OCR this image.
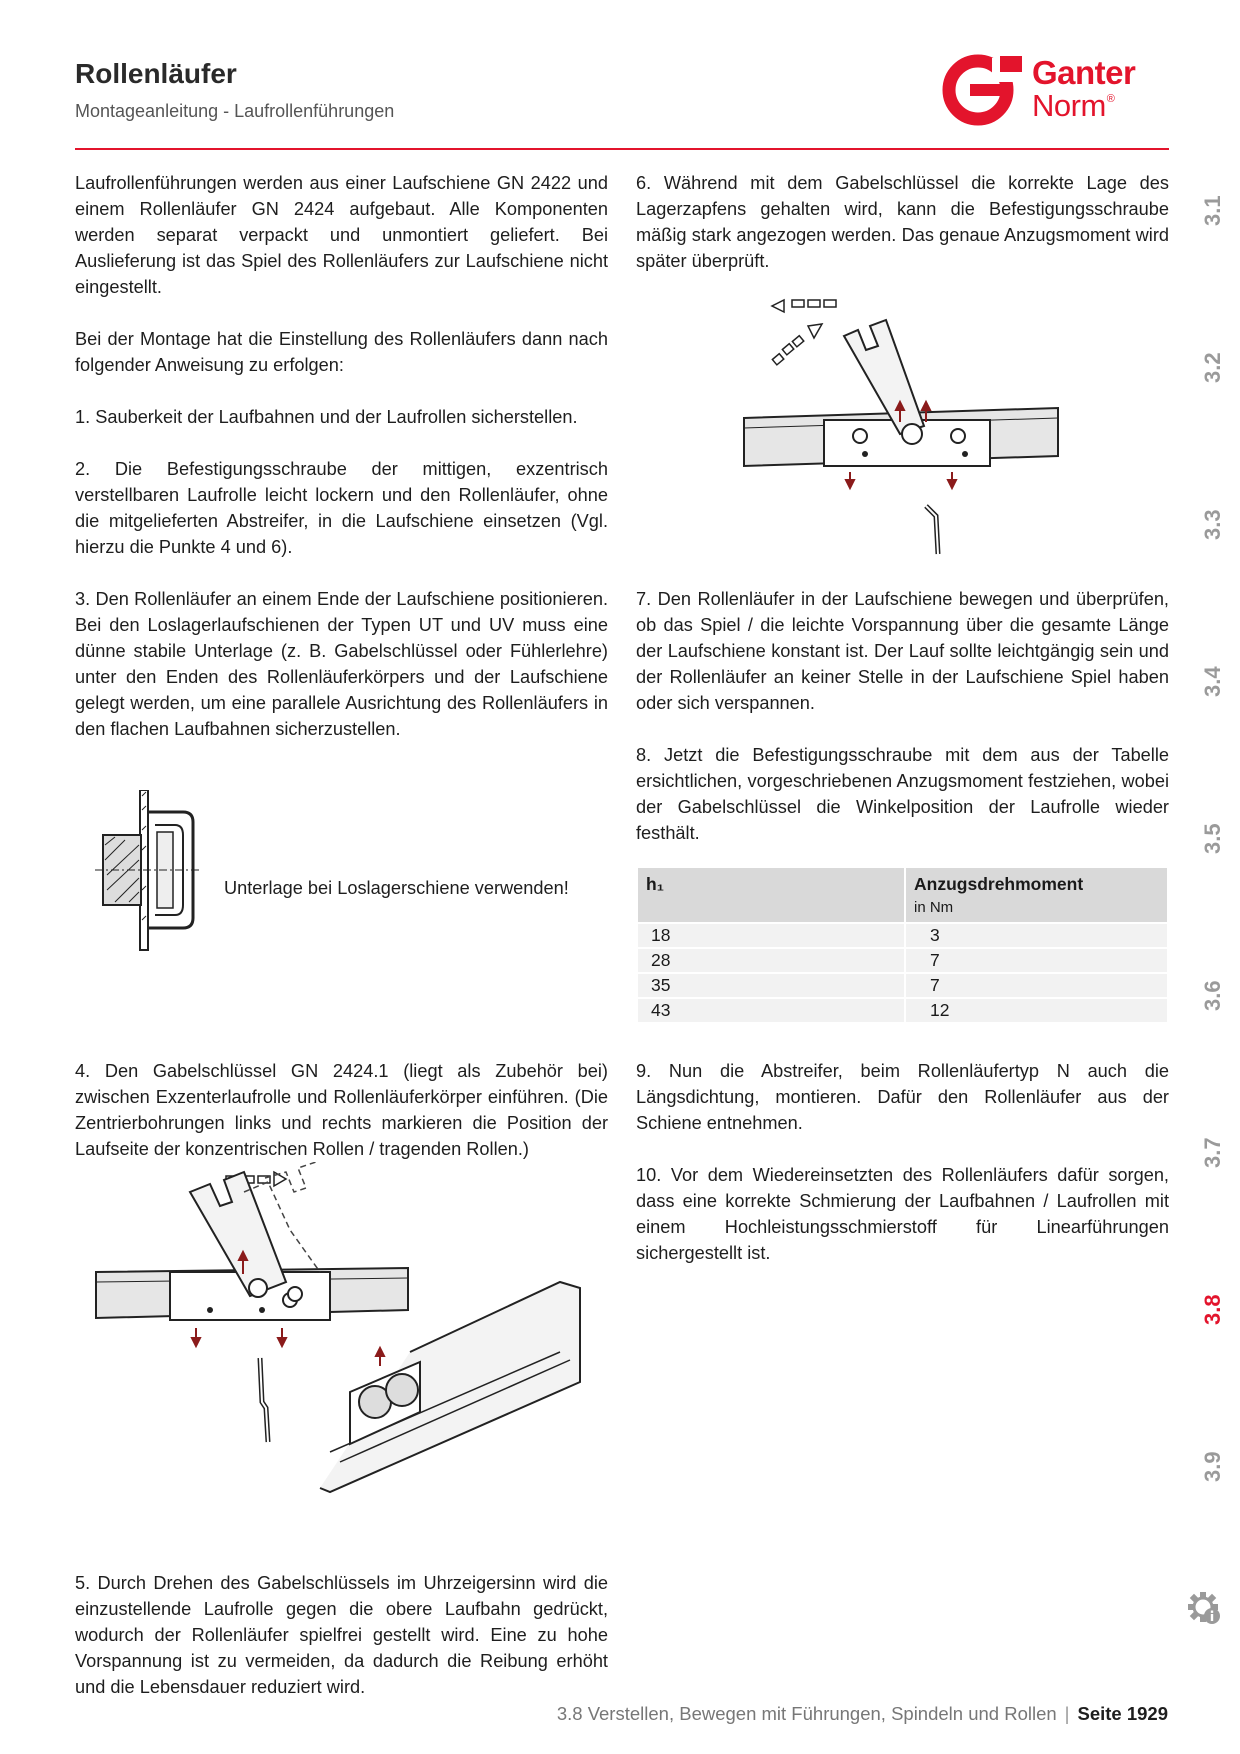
Rollenläufer
Montageanleitung - Laufrollenführungen
Ganter
Norm®
Laufrollenführungen werden aus einer Laufschiene GN 2422 und einem Rollenläufer GN 2424 aufgebaut. Alle Komponenten werden separat verpackt und unmontiert geliefert. Bei Auslieferung ist das Spiel des Rollenläufers zur Laufschiene nicht eingestellt.
Bei der Montage hat die Einstellung des Rollenläufers dann nach folgender Anweisung zu erfolgen:
1. Sauberkeit der Laufbahnen und der Laufrollen sicherstellen.
2. Die Befestigungsschraube der mittigen, exzentrisch verstellbaren Laufrolle leicht lockern und den Rollenläufer, ohne die mitgelieferten Abstreifer, in die Laufschiene einsetzen (Vgl. hierzu die Punkte 4 und 6).
3. Den Rollenläufer an einem Ende der Laufschiene positionieren. Bei den Loslagerlaufschienen der Typen UT und UV muss eine dünne stabile Unterlage (z. B. Gabelschlüssel oder Fühlerlehre) unter den Enden des Rollenläuferkörpers und der Laufschiene gelegt werden, um eine parallele Ausrichtung des Rollenläufers in den flachen Laufbahnen sicherzustellen.
Unterlage bei Loslagerschiene verwenden!
4. Den Gabelschlüssel GN 2424.1 (liegt als Zubehör bei) zwischen Exzenterlaufrolle und Rollenläuferkörper einführen. (Die Zentrierbohrungen links und rechts markieren die Position der Laufseite der konzentrischen Rollen / tragenden Rollen.)
5. Durch Drehen des Gabelschlüssels im Uhrzeigersinn wird die einzustellende Laufrolle gegen die obere Laufbahn gedrückt, wodurch der Rollenläufer spielfrei gestellt wird. Eine zu hohe Vorspannung ist zu vermeiden, da dadurch die Reibung erhöht und die Lebensdauer reduziert wird.
6. Während mit dem Gabelschlüssel die korrekte Lage des Lagerzapfens gehalten wird, kann die Befestigungsschraube mäßig stark angezogen werden. Das genaue Anzugsmoment wird später überprüft.
7. Den Rollenläufer in der Laufschiene bewegen und überprüfen, ob das Spiel / die leichte Vorspannung über die gesamte Länge der Laufschiene konstant ist. Der Lauf sollte leichtgängig sein und der Rollenläufer an keiner Stelle in der Laufschiene Spiel haben oder sich verspannen.
8. Jetzt die Befestigungsschraube mit dem aus der Tabelle ersichtlichen, vorgeschriebenen Anzugsmoment festziehen, wobei der Gabelschlüssel die Winkelposition der Laufrolle wieder festhält.
h₁	Anzugsdrehmoment
in Nm

18	3
28	7
35	7
43	12
9. Nun die Abstreifer, beim Rollenläufertyp N auch die Längsdichtung, montieren. Dafür den Rollenläufer aus der Schiene entnehmen.
10. Vor dem Wiedereinsetzten des Rollenläufers dafür sorgen, dass eine korrekte Schmierung der Laufbahnen / Laufrollen mit einem Hochleistungsschmierstoff für Linearführungen sichergestellt ist.
3.1
3.2
3.3
3.4
3.5
3.6
3.7
3.8
3.9
3.8 Verstellen, Bewegen mit Führungen, Spindeln und Rollen | Seite 1929
